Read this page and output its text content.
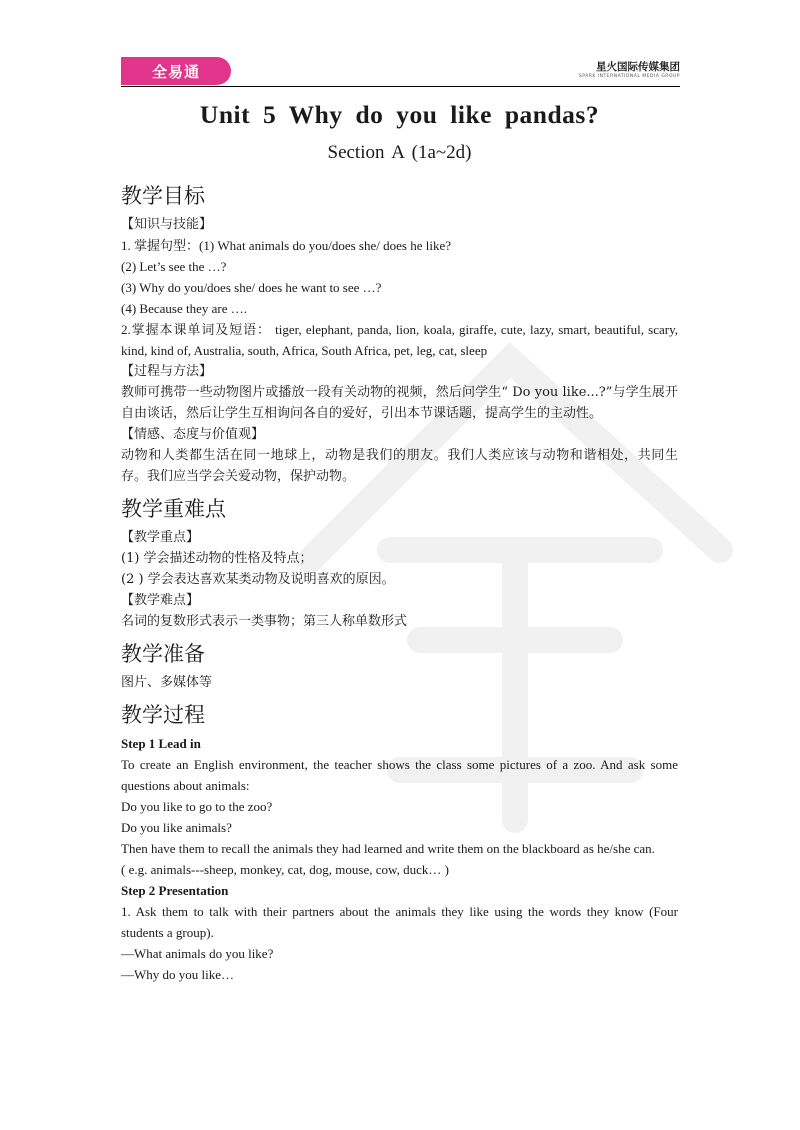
全易通	星火国际传媒集团
SPARK INTERNATIONAL MEDIA GROUP
Unit 5 Why do you like pandas?
Section A (1a~2d)
教学目标

【知识与技能】

1. 掌握句型：(1) What animals do you/does she/ does he like?

(2) Let’s see the …?

(3) Why do you/does she/ does he want to see …?

(4) Because they are ….

2.掌握本课单词及短语： tiger, elephant, panda, lion, koala, giraffe, cute, lazy, smart, beautiful, scary, kind, kind of, Australia, south, Africa, South Africa, pet, leg, cat, sleep

【过程与方法】

教师可携带一些动物图片或播放一段有关动物的视频，然后问学生“ Do you like...?”与学生展开自由谈话，然后让学生互相询问各自的爱好，引出本节课话题，提高学生的主动性。

【情感、态度与价值观】

动物和人类都生活在同一地球上，动物是我们的朋友。我们人类应该与动物和谐相处，共同生存。我们应当学会关爱动物，保护动物。

教学重难点

【教学重点】

(1) 学会描述动物的性格及特点；

(2 ) 学会表达喜欢某类动物及说明喜欢的原因。

【教学难点】

名词的复数形式表示一类事物；第三人称单数形式

教学准备

图片、多媒体等

教学过程

Step 1 Lead in

To create an English environment, the teacher shows the class some pictures of a zoo. And ask some questions about animals:

Do you like to go to the zoo?

Do you like animals?

Then have them to recall the animals they had learned and write them on the blackboard as he/she can.

( e.g. animals---sheep, monkey, cat, dog, mouse, cow, duck… )

Step 2 Presentation

1. Ask them to talk with their partners about the animals they like using the words they know (Four students a group).

—What animals do you like?

—Why do you like…
